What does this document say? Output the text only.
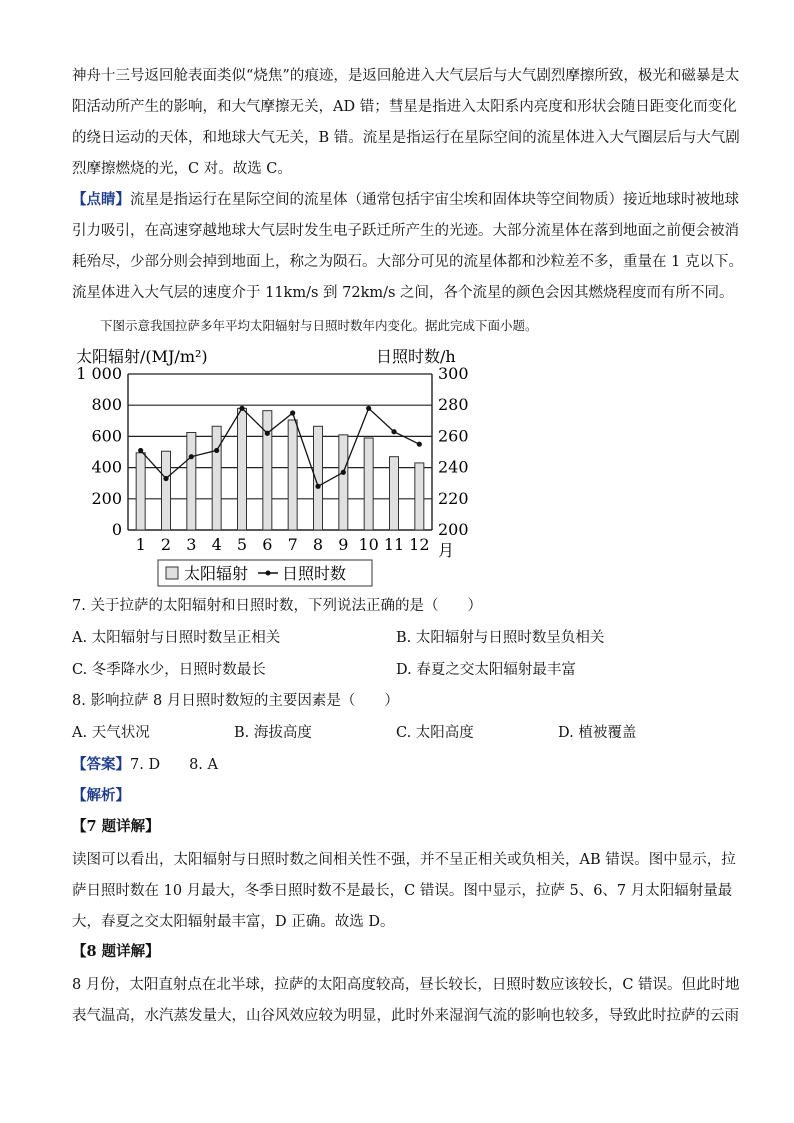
神舟十三号返回舱表面类似“烧焦”的痕迹，是返回舱进入大气层后与大气剧烈摩擦所致，极光和磁暴是太
阳活动所产生的影响，和大气摩擦无关，AD 错；彗星是指进入太阳系内亮度和形状会随日距变化而变化
的绕日运动的天体，和地球大气无关，B 错。流星是指运行在星际空间的流星体进入大气圈层后与大气剧
烈摩擦燃烧的光，C 对。故选 C。
【点睛】流星是指运行在星际空间的流星体（通常包括宇宙尘埃和固体块等空间物质）接近地球时被地球
引力吸引，在高速穿越地球大气层时发生电子跃迁所产生的光迹。大部分流星体在落到地面之前便会被消
耗殆尽，少部分则会掉到地面上，称之为陨石。大部分可见的流星体都和沙粒差不多，重量在 1 克以下。
流星体进入大气层的速度介于 11km/s 到 72km/s 之间，各个流星的颜色会因其燃烧程度而有所不同。
下图示意我国拉萨多年平均太阳辐射与日照时数年内变化。据此完成下面小题。
太阳辐射/(MJ/m²)	日照时数/h
0	200
200	220
400	240
600	260
800	280
1 000	300
1 2 3 4 5 6 7 8 9 10 11 12 月
太阳辐射 日照时数
7. 关于拉萨的太阳辐射和日照时数，下列说法正确的是（　　）
A. 太阳辐射与日照时数呈正相关	B. 太阳辐射与日照时数呈负相关
C. 冬季降水少，日照时数最长	D. 春夏之交太阳辐射最丰富
8. 影响拉萨 8 月日照时数短的主要因素是（　　）
A. 天气状况	B. 海拔高度	C. 太阳高度	D. 植被覆盖
【答案】7. D　　8. A
【解析】
【7 题详解】
读图可以看出，太阳辐射与日照时数之间相关性不强，并不呈正相关或负相关，AB 错误。图中显示，拉
萨日照时数在 10 月最大，冬季日照时数不是最长，C 错误。图中显示，拉萨 5、6、7 月太阳辐射量最
大，春夏之交太阳辐射最丰富，D 正确。故选 D。
【8 题详解】
8 月份，太阳直射点在北半球，拉萨的太阳高度较高，昼长较长，日照时数应该较长，C 错误。但此时地
表气温高，水汽蒸发量大，山谷风效应较为明显，此时外来湿润气流的影响也较多，导致此时拉萨的云雨
